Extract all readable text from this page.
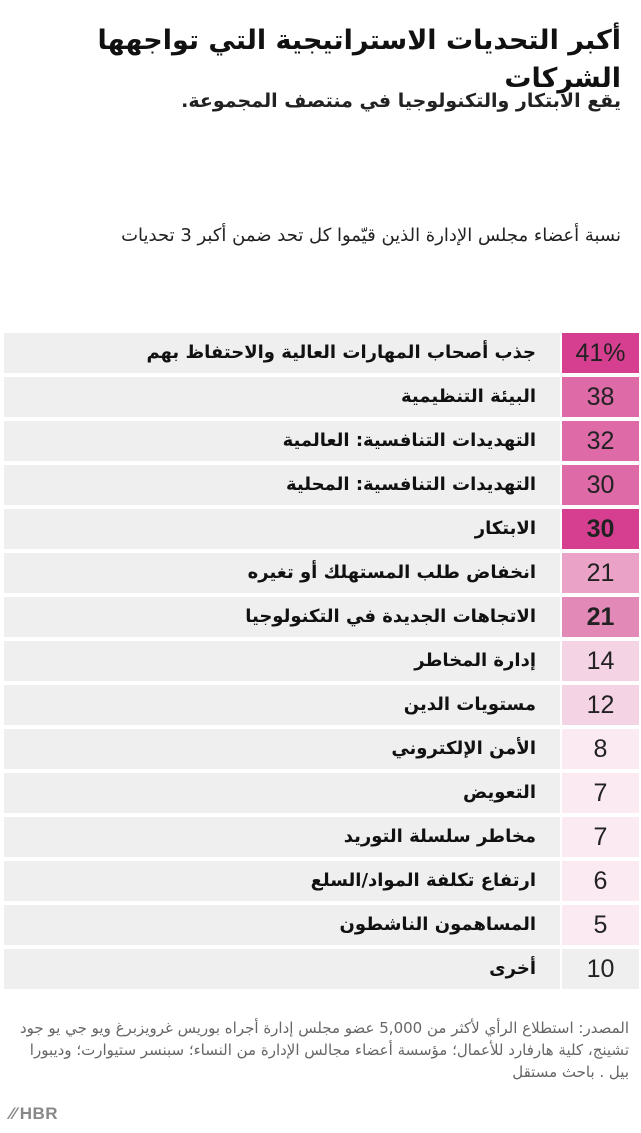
أكبر التحديات الاستراتيجية التي تواجهها الشركات
يقع الابتكار والتكنولوجيا في منتصف المجموعة.
نسبة أعضاء مجلس الإدارة الذين قيّموا كل تحد ضمن أكبر 3 تحديات
جذب أصحاب المهارات العالية والاحتفاظ بهم	41%
البيئة التنظيمية	38
التهديدات التنافسية: العالمية	32
التهديدات التنافسية: المحلية	30
الابتكار	30
انخفاض طلب المستهلك أو تغيره	21
الاتجاهات الجديدة في التكنولوجيا	21
إدارة المخاطر	14
مستويات الدين	12
الأمن الإلكتروني	8
التعويض	7
مخاطر سلسلة التوريد	7
ارتفاع تكلفة المواد/السلع	6
المساهمون الناشطون	5
أخرى	10
المصدر: استطلاع الرأي لأكثر من 5,000 عضو مجلس إدارة أجراه بوريس غرويزبرغ ويو جي يو جود تشينج، كلية هارفارد للأعمال؛ مؤسسة أعضاء مجالس الإدارة من النساء؛ سبنسر ستيوارت؛ وديبورا بيل . باحث مستقل
⁄⁄ HBR
